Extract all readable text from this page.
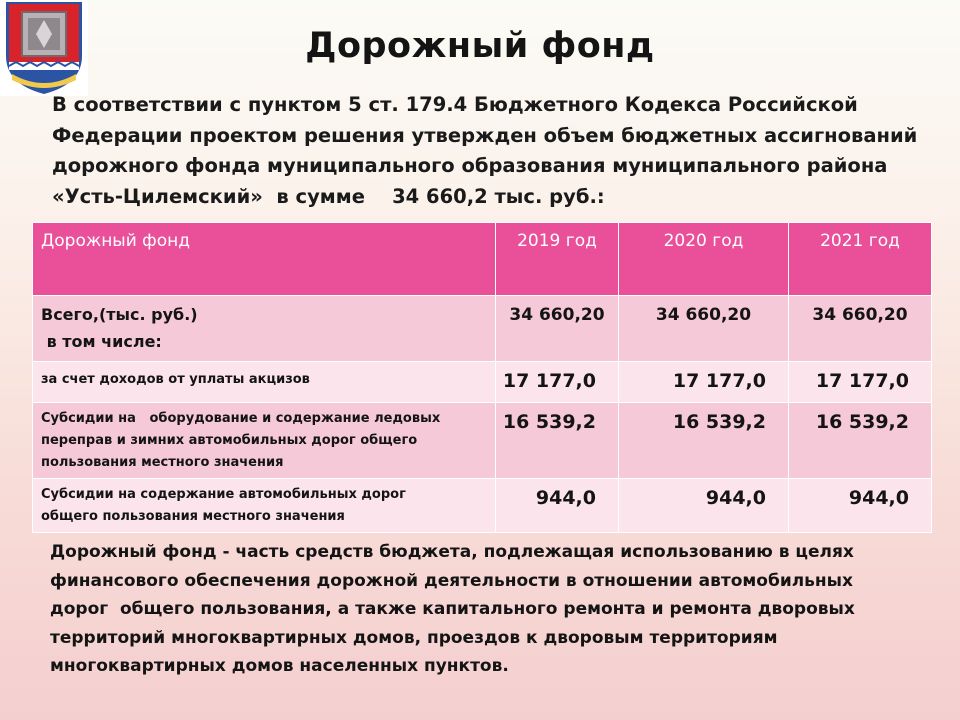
Дорожный фонд
В соответствии с пунктом 5 ст. 179.4 Бюджетного Кодекса Российской
Федерации проектом решения утвержден объем бюджетных ассигнований
дорожного фонда муниципального образования муниципального района
«Усть-Цилемский»  в сумме    34 660,2 тыс. руб.:
Дорожный фонд	2019 год	2020 год	2021 год

Всего,(тыс. руб.)
в том числе:	34 660,20	34 660,20	34 660,20
за счет доходов от уплаты акцизов	17 177,0	17 177,0	17 177,0

Субсидии на   оборудование и содержание ледовых
переправ и зимних автомобильных дорог общего
пользования местного значения	16 539,2	16 539,2	16 539,2

Субсидии на содержание автомобильных дорог
общего пользования местного значения	944,0	944,0	944,0
Дорожный фонд - часть средств бюджета, подлежащая использованию в целях
финансового обеспечения дорожной деятельности в отношении автомобильных
дорог  общего пользования, а также капитального ремонта и ремонта дворовых
территорий многоквартирных домов, проездов к дворовым территориям
многоквартирных домов населенных пунктов.
